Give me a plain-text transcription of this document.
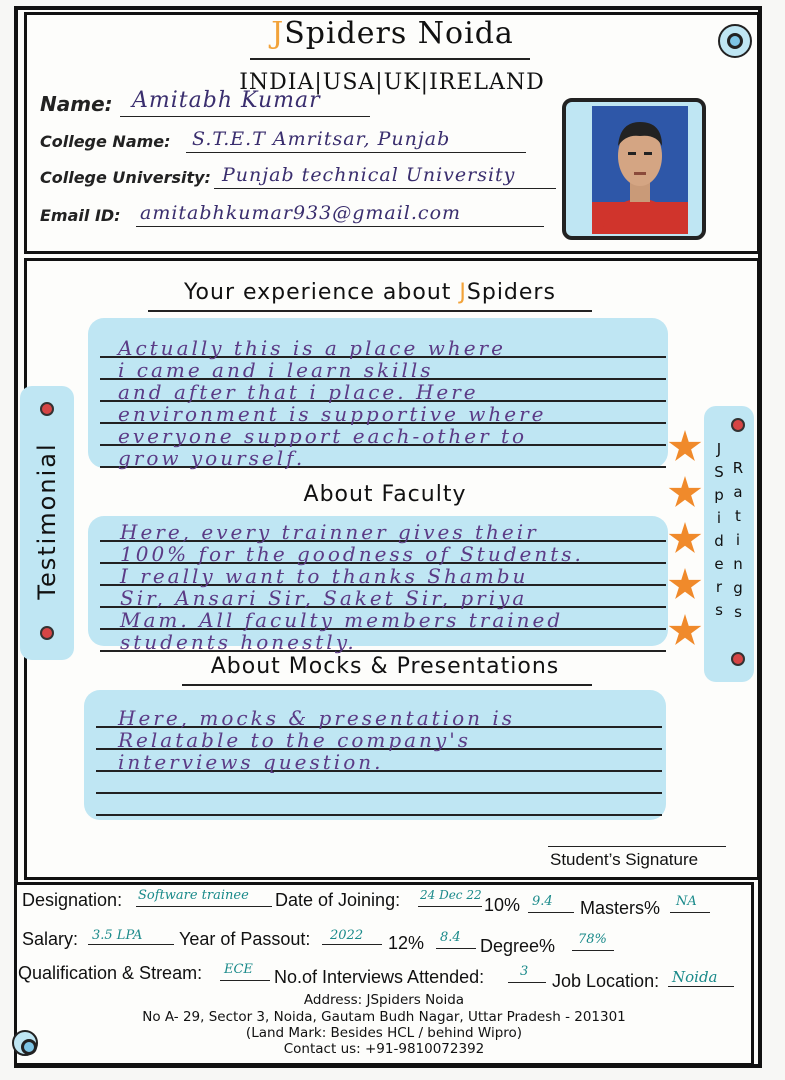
JSpiders Noida
INDIA|USA|UK|IRELAND
Name: Amitabh Kumar
College Name: S.T.E.T Amritsar, Punjab
College University: Punjab technical University
Email ID: amitabhkumar933@gmail.com
Testimonial	J
S
p
i
d
e
r
s
R
a
t
i
n
g
s
Your experience about JSpiders
Actually this is a place where
i came and i learn skills
and after that i place. Here
environment is supportive where
everyone support each-other to
grow yourself.
About Faculty
Here, every trainner gives their
100% for the goodness of Students.
I really want to thanks Shambu
Sir, Ansari Sir, Saket Sir, priya
Mam. All faculty members trained
students honestly.
About Mocks & Presentations
Here, mocks & presentation is
Relatable to the company's
interviews question.
Student’s Signature
Designation: Software trainee Date of Joining: 24 Dec 22 10% 9.4 Masters% NA
Salary: 3.5 LPA Year of Passout: 2022 12% 8.4 Degree% 78%
Qualification & Stream: ECE No.of Interviews Attended:	3 Job Location: Noida
Address: JSpiders Noida
No A- 29, Sector 3, Noida, Gautam Budh Nagar, Uttar Pradesh - 201301
(Land Mark: Besides HCL / behind Wipro)
Contact us: +91-9810072392
